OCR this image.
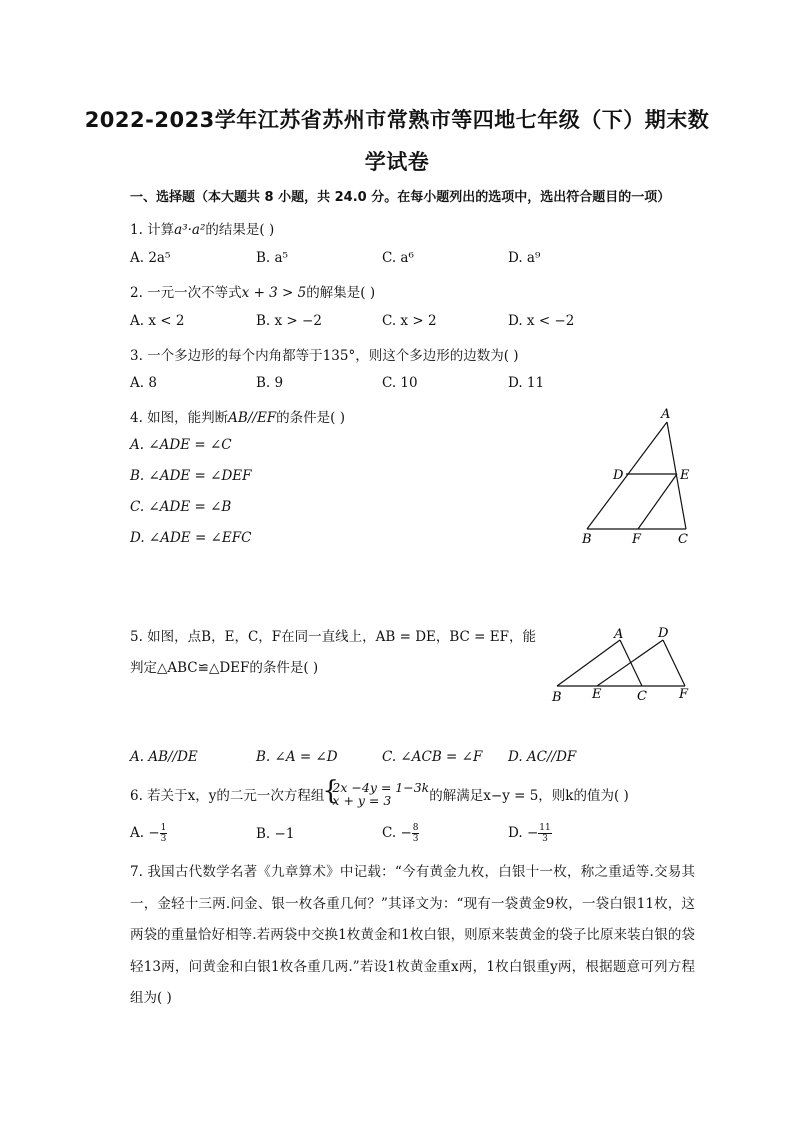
2022-2023学年江苏省苏州市常熟市等四地七年级（下）期末数
学试卷
一、选择题（本大题共 8 小题，共 24.0 分。在每小题列出的选项中，选出符合题目的一项）
1. 计算a³·a²的结果是( )
A. 2a⁵	B. a⁵	C. a⁶	D. a⁹
2. 一元一次不等式x + 3 > 5的解集是( )
A. x < 2	B. x > −2	C. x > 2	D. x < −2
3. 一个多边形的每个内角都等于135°，则这个多边形的边数为( )
A. 8	B. 9	C. 10	D. 11
4. 如图，能判断AB//EF的条件是( )
A. ∠ADE = ∠C
B. ∠ADE = ∠DEF
C. ∠ADE = ∠B
D. ∠ADE = ∠EFC
A
D	E
B	F	C
5. 如图，点B，E，C，F在同一直线上，AB = DE，BC = EF，能
判定△ABC≌△DEF的条件是( )
A	D
B E	C F
A. AB//DE	B. ∠A = ∠D	C. ∠ACB = ∠F D. AC//DF
6. 若关于x，y的二元一次方程组
{ 2x −4y = 1−3k
x + y = 3	的解满足x−y = 5，则k的值为( )
A. − $\frac{1}{3}$	B. −1	C. − $\frac{8}{3}$	D. − $\frac{11}{3}$
7. 我国古代数学名著《九章算术》中记载：“今有黄金九枚，白银十一枚，称之重适等.交易其一，金轻十三两.问金、银一枚各重几何？”其译文为：“现有一袋黄金9枚，一袋白银11枚，这两袋的重量恰好相等.若两袋中交换1枚黄金和1枚白银，则原来装黄金的袋子比原来装白银的袋轻13两，问黄金和白银1枚各重几两.”若设1枚黄金重x两，1枚白银重y两，根据题意可列方程组为( )
